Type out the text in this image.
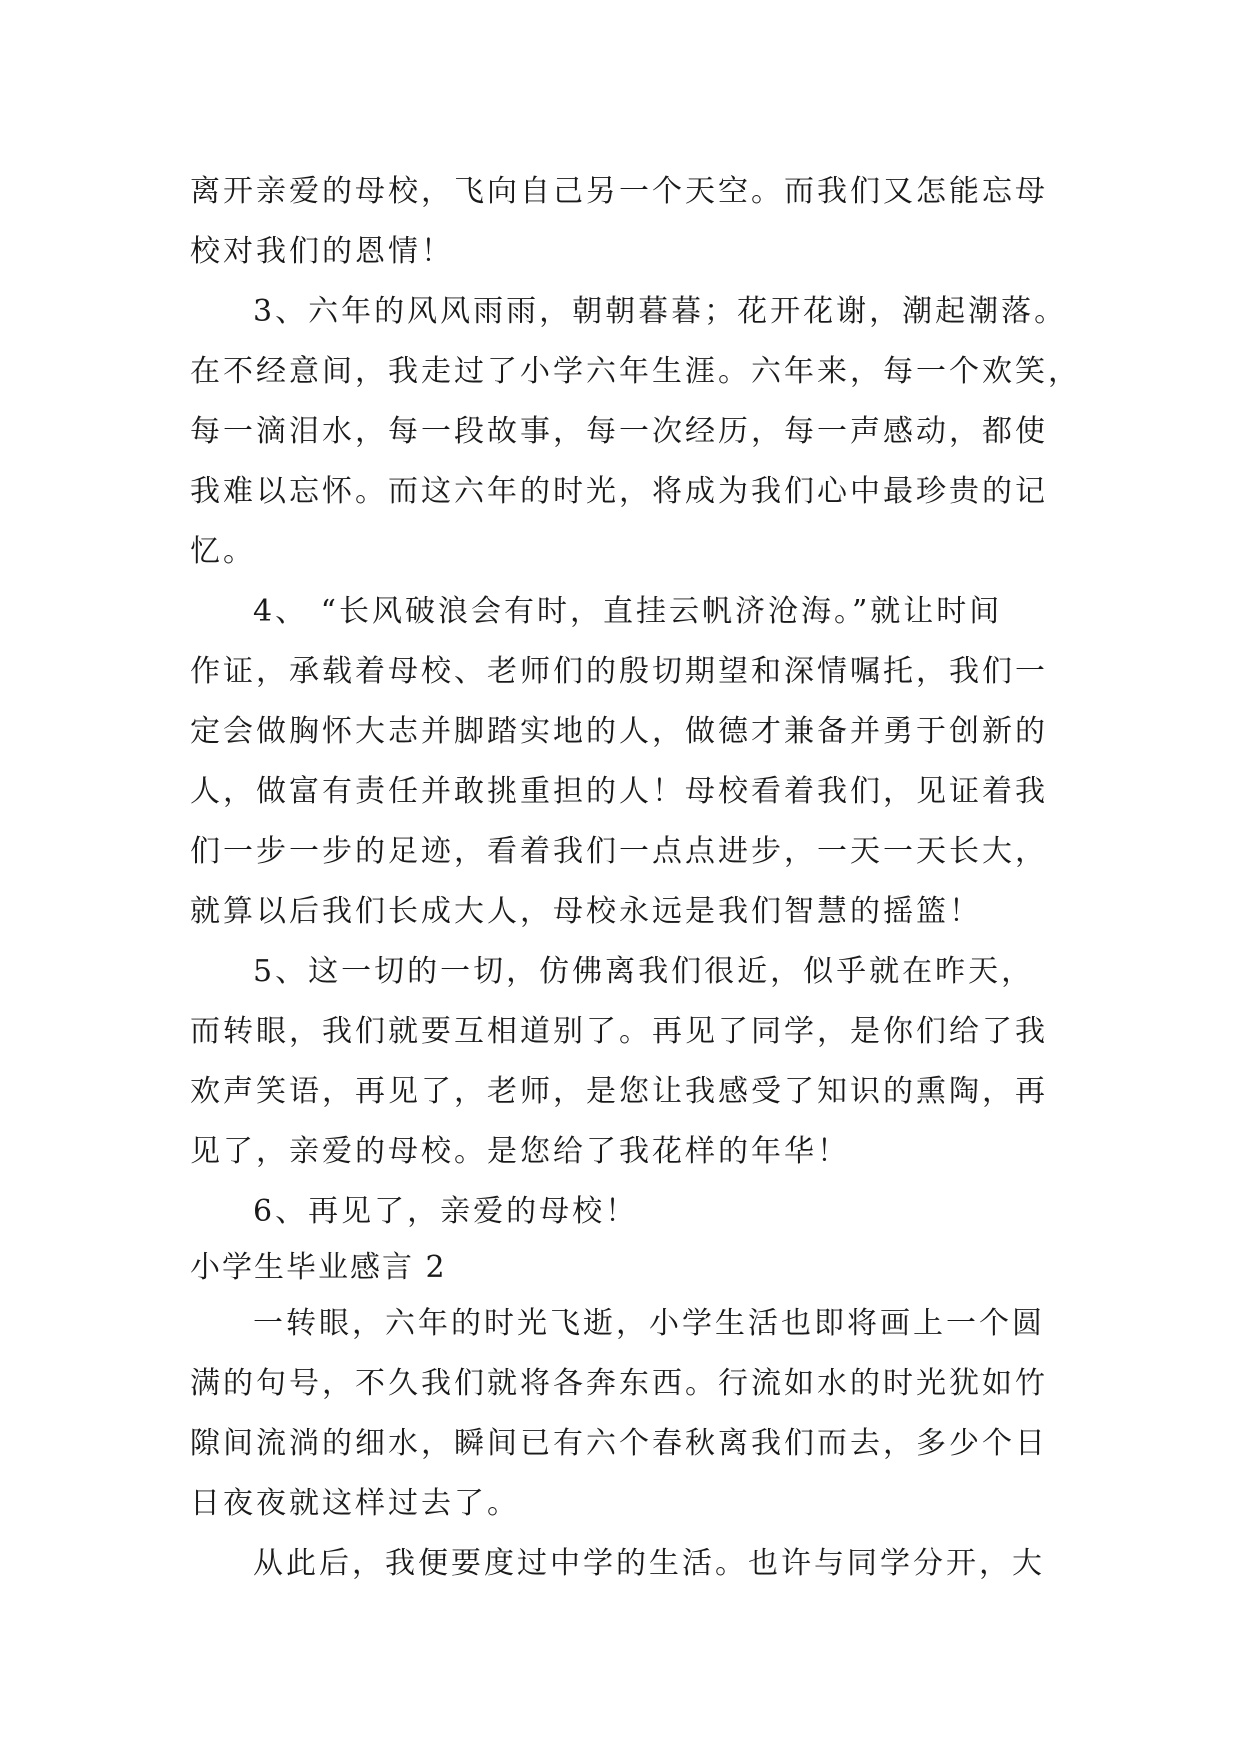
离开亲爱的母校，飞向自己另一个天空。而我们又怎能忘母
校对我们的恩情！
3、六年的风风雨雨，朝朝暮暮；花开花谢，潮起潮落。
在不经意间，我走过了小学六年生涯。六年来，每一个欢笑，
每一滴泪水，每一段故事，每一次经历，每一声感动，都使
我难以忘怀。而这六年的时光，将成为我们心中最珍贵的记
忆。
4、 “长风破浪会有时，直挂云帆济沧海。”就让时间
作证，承载着母校、老师们的殷切期望和深情嘱托，我们一
定会做胸怀大志并脚踏实地的人，做德才兼备并勇于创新的
人，做富有责任并敢挑重担的人！母校看着我们，见证着我
们一步一步的足迹，看着我们一点点进步，一天一天长大，
就算以后我们长成大人，母校永远是我们智慧的摇篮！
5、这一切的一切，仿佛离我们很近，似乎就在昨天，
而转眼，我们就要互相道别了。再见了同学，是你们给了我
欢声笑语，再见了，老师，是您让我感受了知识的熏陶，再
见了，亲爱的母校。是您给了我花样的年华！
6、再见了，亲爱的母校！
小学生毕业感言 2
一转眼，六年的时光飞逝，小学生活也即将画上一个圆
满的句号，不久我们就将各奔东西。行流如水的时光犹如竹
隙间流淌的细水，瞬间已有六个春秋离我们而去，多少个日
日夜夜就这样过去了。
从此后，我便要度过中学的生活。也许与同学分开，大
